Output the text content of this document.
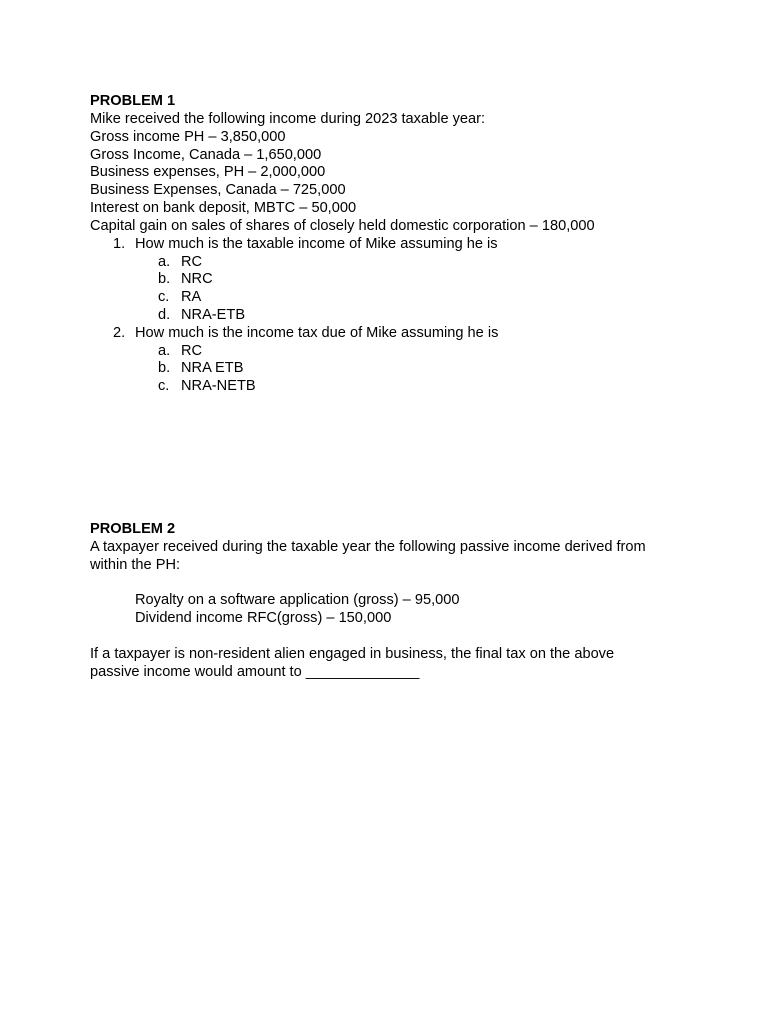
PROBLEM 1
Mike received the following income during 2023 taxable year:
Gross income PH – 3,850,000
Gross Income, Canada – 1,650,000
Business expenses, PH – 2,000,000
Business Expenses, Canada – 725,000
Interest on bank deposit, MBTC – 50,000
Capital gain on sales of shares of closely held domestic corporation – 180,000
1. How much is the taxable income of Mike assuming he is
a. RC
b. NRC
c. RA
d. NRA-ETB
2. How much is the income tax due of Mike assuming he is
a. RC
b. NRA ETB
c. NRA-NETB
PROBLEM 2
A taxpayer received during the taxable year the following passive income derived from
within the PH:
Royalty on a software application (gross) – 95,000
Dividend income RFC(gross) – 150,000
If a taxpayer is non-resident alien engaged in business, the final tax on the above
passive income would amount to ______________
